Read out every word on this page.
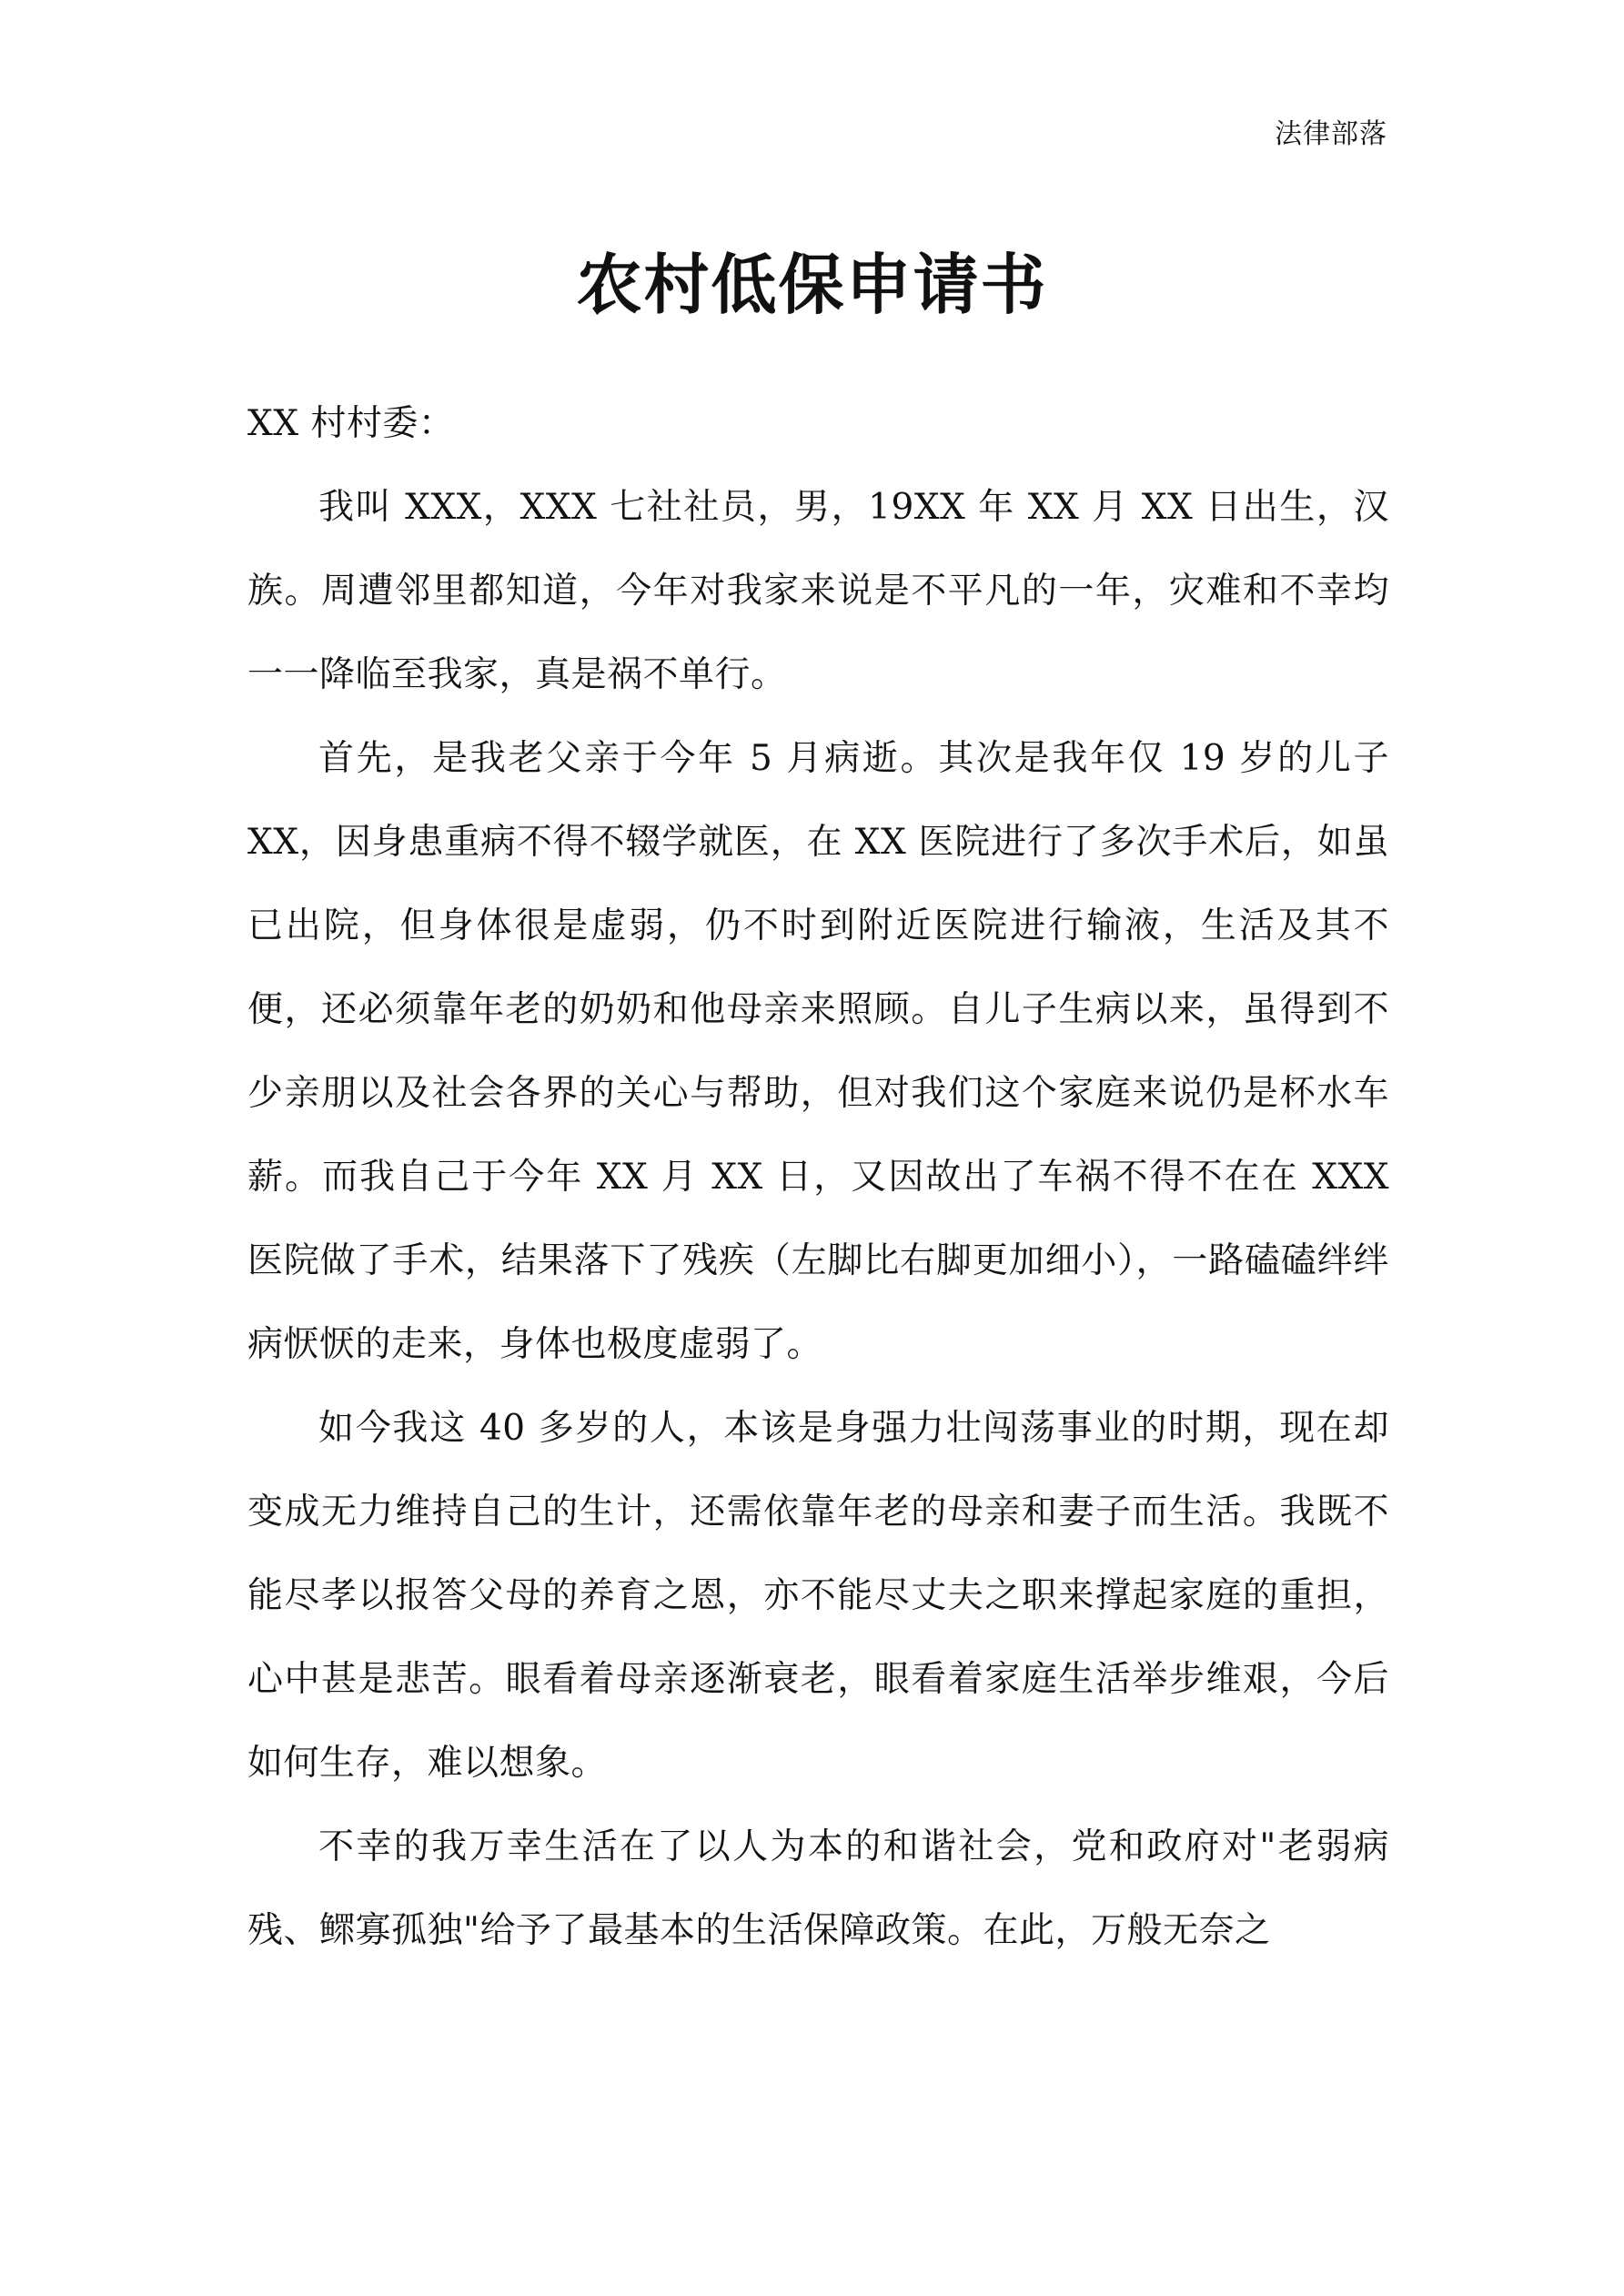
法律部落
农村低保申请书

XX 村村委：

我叫 XXX，XXX 七社社员，男，19XX 年 XX 月 XX 日出生，汉族。周遭邻里都知道，今年对我家来说是不平凡的一年，灾难和不幸均一一降临至我家，真是祸不单行。

首先，是我老父亲于今年 5 月病逝。其次是我年仅 19 岁的儿子 XX，因身患重病不得不辍学就医，在 XX 医院进行了多次手术后，如虽已出院，但身体很是虚弱，仍不时到附近医院进行输液，生活及其不便，还必须靠年老的奶奶和他母亲来照顾。自儿子生病以来，虽得到不少亲朋以及社会各界的关心与帮助，但对我们这个家庭来说仍是杯水车薪。而我自己于今年 XX 月 XX 日，又因故出了车祸不得不在在 XXX 医院做了手术，结果落下了残疾（左脚比右脚更加细小），一路磕磕绊绊病恹恹的走来，身体也极度虚弱了。

如今我这 40 多岁的人，本该是身强力壮闯荡事业的时期，现在却变成无力维持自己的生计，还需依靠年老的母亲和妻子而生活。我既不能尽孝以报答父母的养育之恩，亦不能尽丈夫之职来撑起家庭的重担，心中甚是悲苦。眼看着母亲逐渐衰老，眼看着家庭生活举步维艰，今后如何生存，难以想象。

不幸的我万幸生活在了以人为本的和谐社会，党和政府对"老弱病残、鳏寡孤独"给予了最基本的生活保障政策。在此，万般无奈之
